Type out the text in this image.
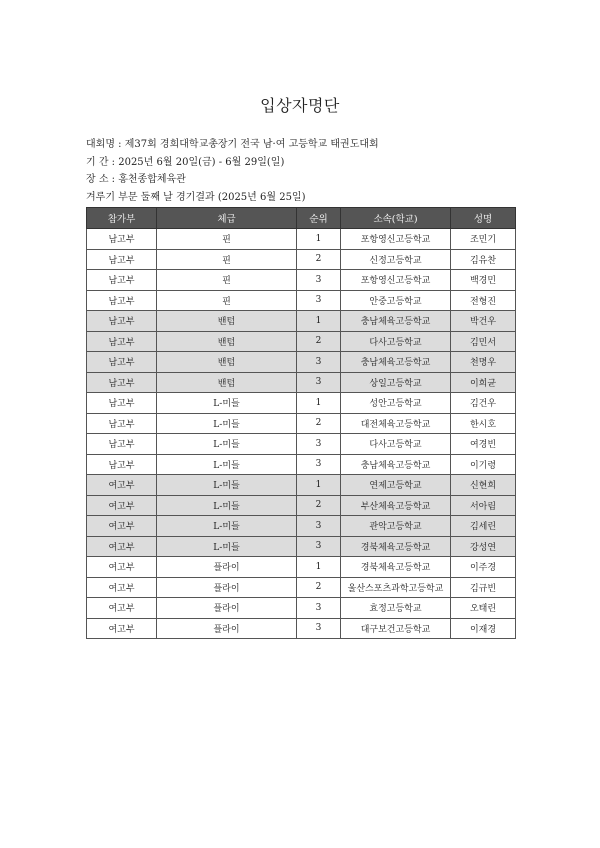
입상자명단
대회명 : 제37회 경희대학교총장기 전국 남·여 고등학교 태권도대회
기 간 : 2025년 6월 20일(금) - 6월 29일(일)
장 소 : 홍천종합체육관
겨루기 부문 둘째 날 경기결과 (2025년 6월 25일)
참가부	체급	순위	소속(학교)	성명
남고부	핀	1	포항영신고등학교	조민기
남고부	핀	2	신정고등학교	김유찬
남고부	핀	3	포항영신고등학교	백경민
남고부	핀	3	안중고등학교	전형진
남고부	밴텀	1	충남체육고등학교	박건우
남고부	밴텀	2	다사고등학교	김민서
남고부	밴텀	3	충남체육고등학교	천명우
남고부	밴텀	3	상일고등학교	이희균
남고부	L-미들	1	성안고등학교	김건우
남고부	L-미들	2	대전체육고등학교	한시호
남고부	L-미들	3	다사고등학교	여경빈
남고부	L-미들	3	충남체육고등학교	이기령
여고부	L-미들	1	연제고등학교	신현희
여고부	L-미들	2	부산체육고등학교	서아림
여고부	L-미들	3	관악고등학교	김세린
여고부	L-미들	3	경북체육고등학교	강성연
여고부	플라이	1	경북체육고등학교	이주경
여고부	플라이	2	울산스포츠과학고등학교	김규빈
여고부	플라이	3	효정고등학교	오태린
여고부	플라이	3	대구보건고등학교	이재경
